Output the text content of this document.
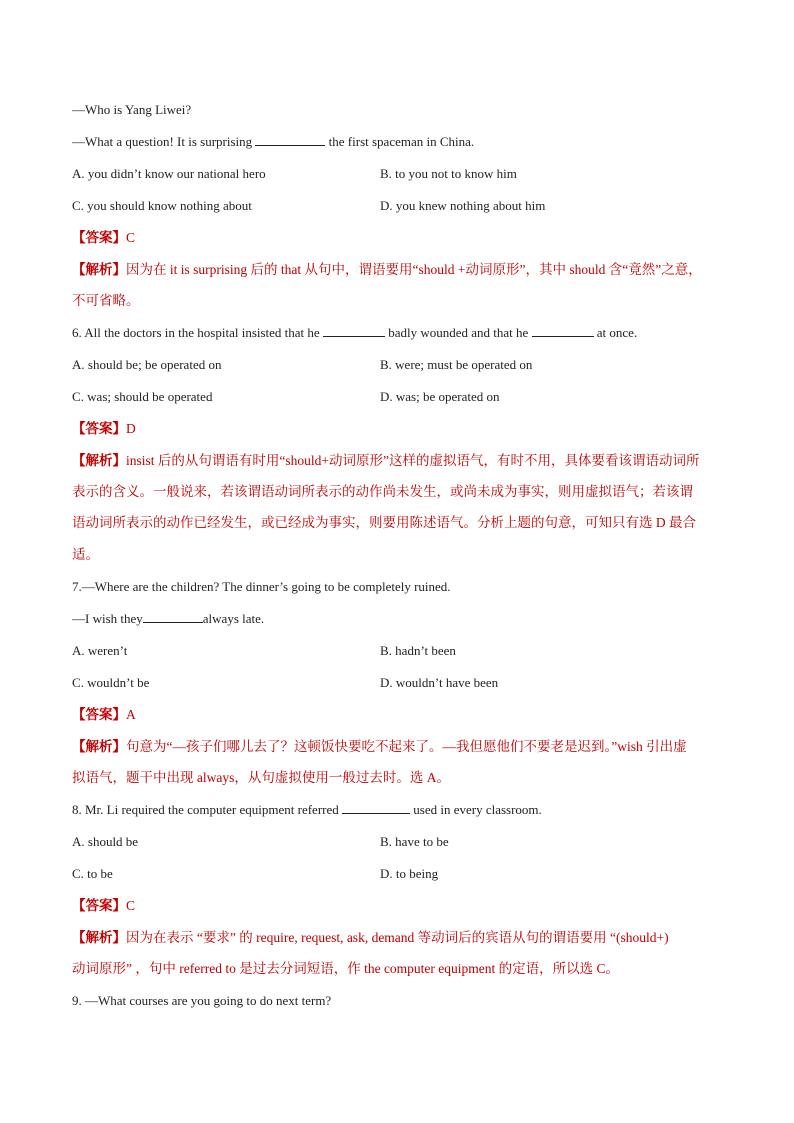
—Who is Yang Liwei?
—What a question! It is surprising	the first spaceman in China.
A. you didn’t know our national hero	B. to you not to know him
C. you should know nothing about	D. you knew nothing about him
【答案】C
【解析】因为在 it is surprising 后的 that 从句中，谓语要用“should +动词原形”，其中 should 含“竟然”之意，
不可省略。
6. All the doctors in the hospital insisted that he	badly wounded and that he	at once.
A. should be; be operated on	B. were; must be operated on
C. was; should be operated	D. was; be operated on
【答案】D
【解析】insist 后的从句谓语有时用“should+动词原形”这样的虚拟语气，有时不用，具体要看该谓语动词所
表示的含义。一般说来，若该谓语动词所表示的动作尚未发生，或尚未成为事实，则用虚拟语气；若该谓
语动词所表示的动作已经发生，或已经成为事实，则要用陈述语气。分析上题的句意，可知只有选 D 最合
适。
7.—Where are the children? The dinner’s going to be completely ruined.
—I wish they	always late.
A. weren’t	B. hadn’t been
C. wouldn’t be	D. wouldn’t have been
【答案】A
【解析】句意为“—孩子们哪儿去了？这顿饭快要吃不起来了。—我但愿他们不要老是迟到。”wish 引出虚
拟语气，题干中出现 always，从句虚拟使用一般过去时。选 A。
8. Mr. Li required the computer equipment referred	used in every classroom.
A. should be	B. have to be
C. to be	D. to being
【答案】C
【解析】因为在表示 “要求” 的 require, request, ask, demand 等动词后的宾语从句的谓语要用 “(should+)
动词原形” ，句中 referred to 是过去分词短语，作 the computer equipment 的定语，所以选 C。
9. —What courses are you going to do next term?
